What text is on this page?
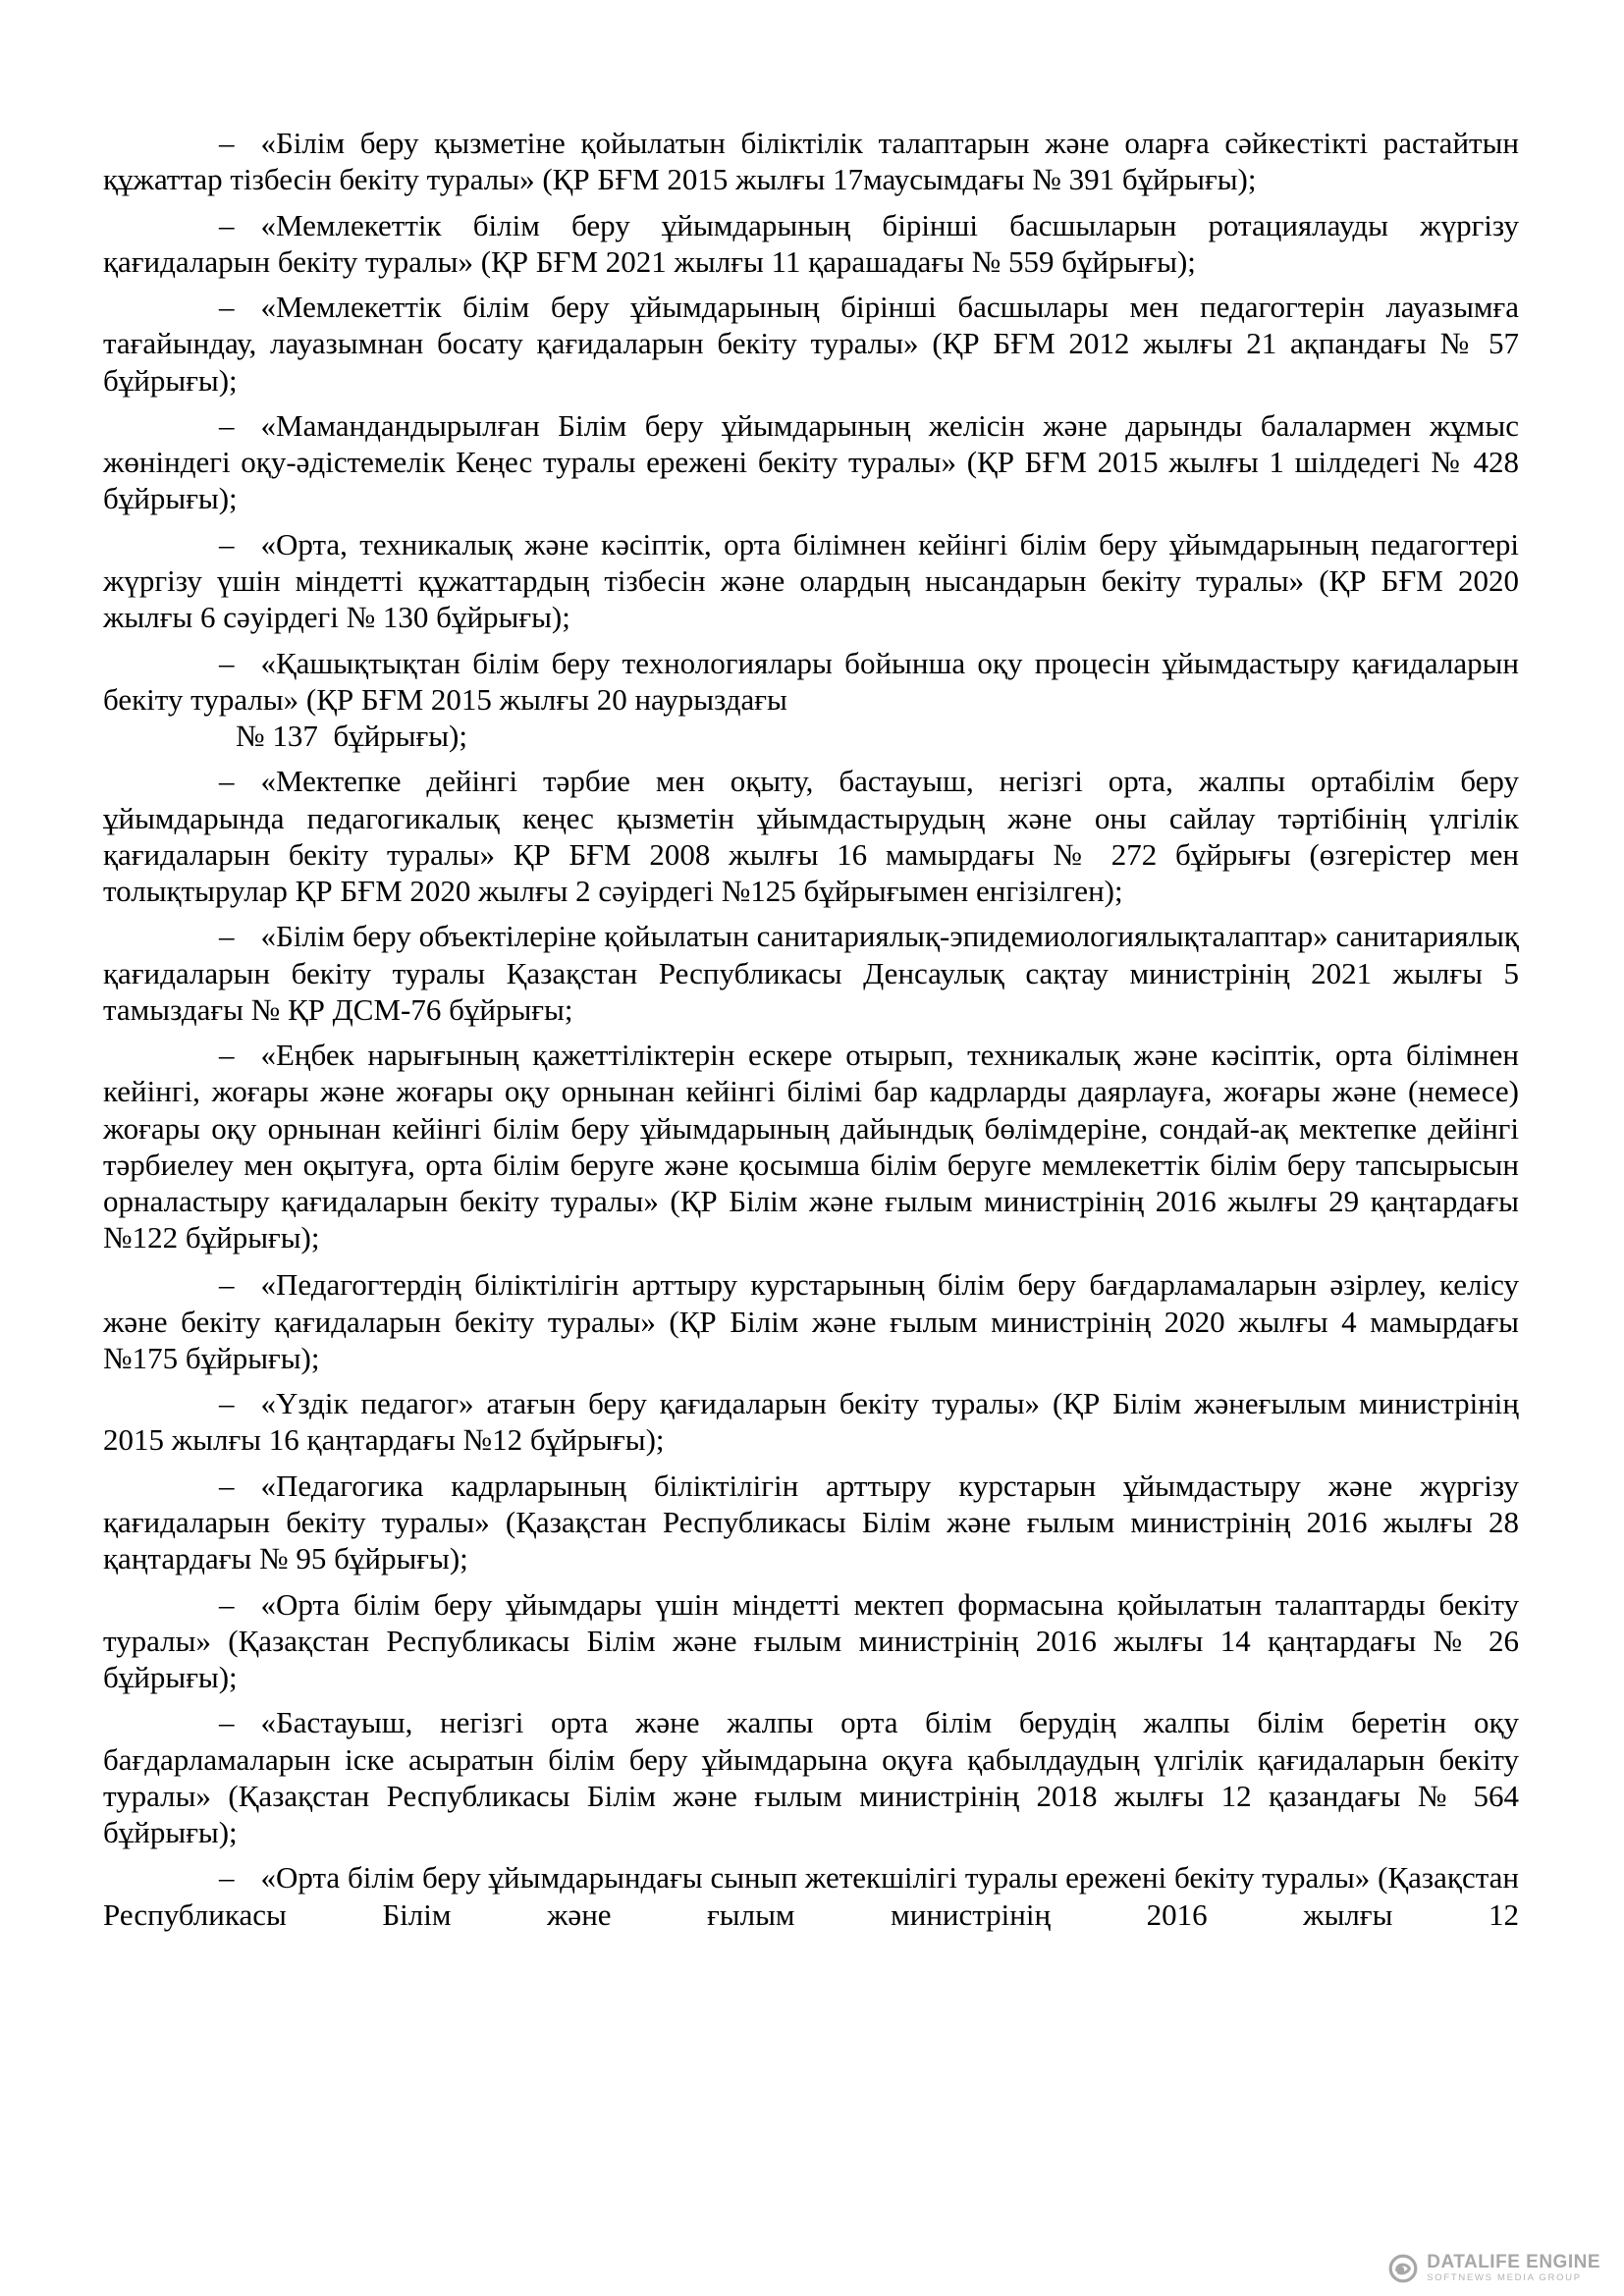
– «Білім беру қызметіне қойылатын біліктілік талаптарын және оларға сәйкестікті растайтын құжаттар тізбесін бекіту туралы» (ҚР БҒМ 2015 жылғы 17маусымдағы № 391 бұйрығы);

– «Мемлекеттік білім беру ұйымдарының бірінші басшыларын ротациялауды жүргізу қағидаларын бекіту туралы» (ҚР БҒМ 2021 жылғы 11 қарашадағы № 559 бұйрығы);

– «Мемлекеттік білім беру ұйымдарының бірінші басшылары мен педагогтерін лауазымға тағайындау, лауазымнан босату қағидаларын бекіту туралы» (ҚР БҒМ 2012 жылғы 21 ақпандағы № 57 бұйрығы);

– «Мамандандырылған Білім беру ұйымдарының желісін және дарынды балалармен жұмыс жөніндегі оқу-әдістемелік Кеңес туралы ережені бекіту туралы» (ҚР БҒМ 2015 жылғы 1 шілдедегі № 428 бұйрығы);

– «Орта, техникалық және кәсіптік, орта білімнен кейінгі білім беру ұйымдарының педагогтері жүргізу үшін міндетті құжаттардың тізбесін және олардың нысандарын бекіту туралы» (ҚР БҒМ 2020 жылғы 6 сәуірдегі № 130 бұйрығы);

– «Қашықтықтан білім беру технологиялары бойынша оқу процесін ұйымдастыру қағидаларын бекіту туралы» (ҚР БҒМ 2015 жылғы 20 наурыздағы
№ 137  бұйрығы);

– «Мектепке дейінгі тәрбие мен оқыту, бастауыш, негізгі орта, жалпы ортабілім беру ұйымдарында педагогикалық кеңес қызметін ұйымдастырудың және оны сайлау тәртібінің үлгілік қағидаларын бекіту туралы» ҚР БҒМ 2008 жылғы 16 мамырдағы № 272 бұйрығы (өзгерістер мен толықтырулар ҚР БҒМ 2020 жылғы 2 сәуірдегі №125 бұйрығымен енгізілген);

– «Білім беру объектілеріне қойылатын санитариялық-эпидемиологиялықталаптар» санитариялық қағидаларын бекіту туралы Қазақстан Республикасы Денсаулық сақтау министрінің 2021 жылғы 5 тамыздағы № ҚР ДСМ-76 бұйрығы;

– «Еңбек нарығының қажеттіліктерін ескере отырып, техникалық және кәсіптік, орта білімнен кейінгі, жоғары және жоғары оқу орнынан кейінгі білімі бар кадрларды даярлауға, жоғары және (немесе) жоғары оқу орнынан кейінгі білім беру ұйымдарының дайындық бөлімдеріне, сондай-ақ мектепке дейінгі тәрбиелеу мен оқытуға, орта білім беруге және қосымша білім беруге мемлекеттік білім беру тапсырысын орналастыру қағидаларын бекіту туралы» (ҚР Білім және ғылым министрінің 2016 жылғы 29 қаңтардағы №122 бұйрығы);

– «Педагогтердің біліктілігін арттыру курстарының білім беру бағдарламаларын әзірлеу, келісу және бекіту қағидаларын бекіту туралы» (ҚР Білім және ғылым министрінің 2020 жылғы 4 мамырдағы №175 бұйрығы);

– «Үздік педагог» атағын беру қағидаларын бекіту туралы» (ҚР Білім жәнеғылым министрінің 2015 жылғы 16 қаңтардағы №12 бұйрығы);

– «Педагогика кадрларының біліктілігін арттыру курстарын ұйымдастыру және жүргізу қағидаларын бекіту туралы» (Қазақстан Республикасы Білім және ғылым министрінің 2016 жылғы 28 қаңтардағы № 95 бұйрығы);

– «Орта білім беру ұйымдары үшін міндетті мектеп формасына қойылатын талаптарды бекіту туралы» (Қазақстан Республикасы Білім және ғылым министрінің 2016 жылғы 14 қаңтардағы № 26 бұйрығы);

– «Бастауыш, негізгі орта және жалпы орта білім берудің жалпы білім беретін оқу бағдарламаларын іске асыратын білім беру ұйымдарына оқуға қабылдаудың үлгілік қағидаларын бекіту туралы» (Қазақстан Республикасы Білім және ғылым министрінің 2018 жылғы 12 қазандағы № 564 бұйрығы);

– «Орта білім беру ұйымдарындағы сынып жетекшілігі туралы ережені бекіту туралы» (Қазақстан Республикасы Білім және ғылым министрінің 2016 жылғы 12

DATALIFE ENGINE
SOFTNEWS MEDIA GROUP
